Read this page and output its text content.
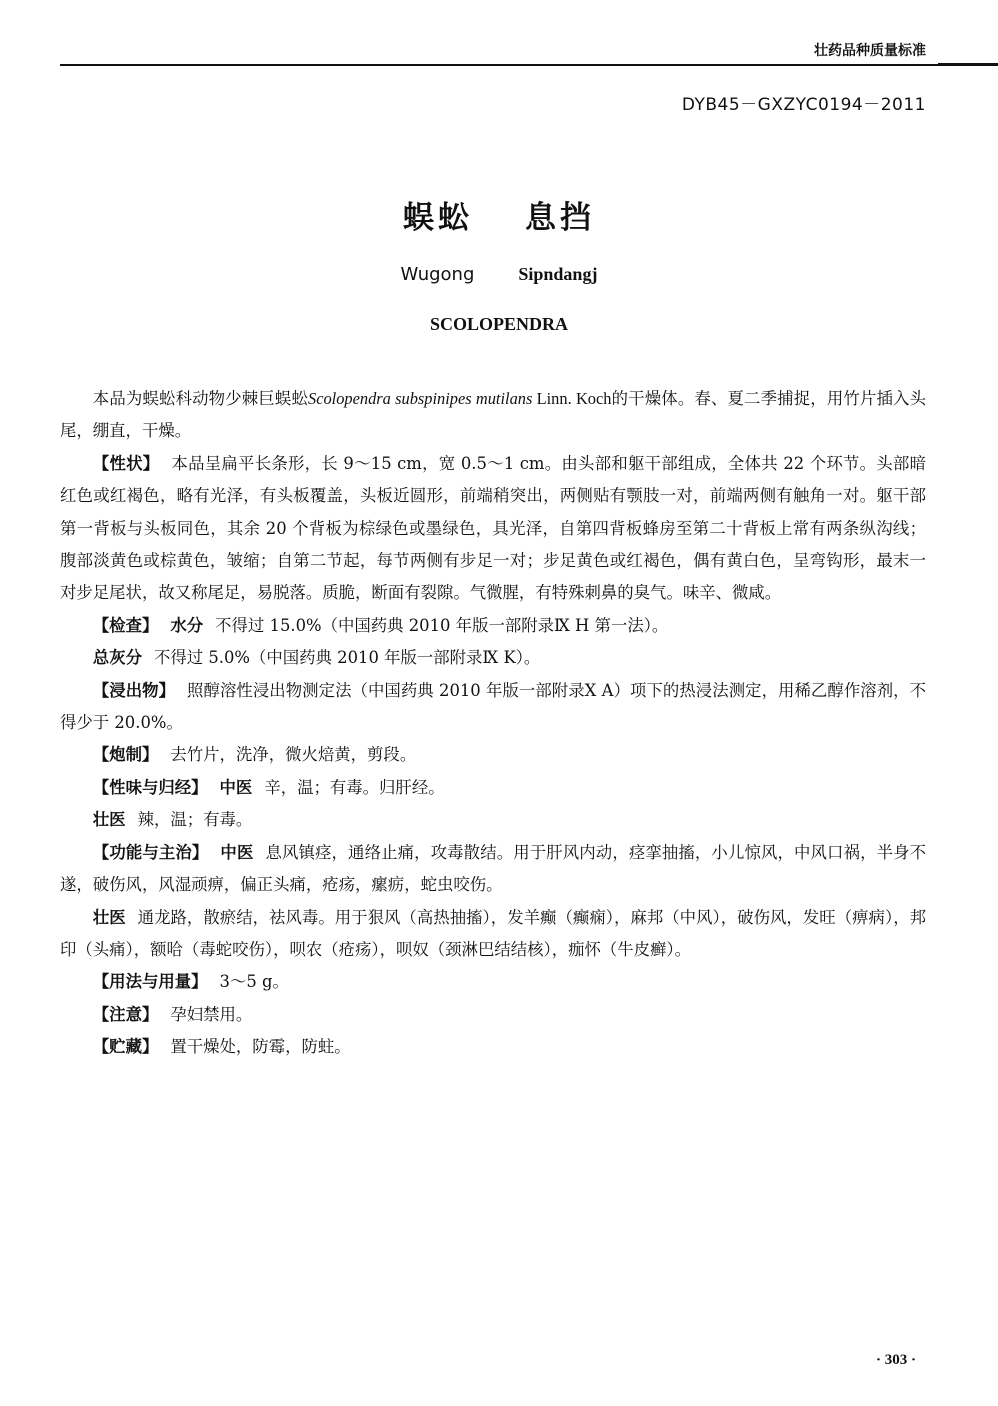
壮药品种质量标准
DYB45－GXZYC0194－2011
蜈蚣 息挡
Wugong Sipndangj
SCOLOPENDRA

本品为蜈蚣科动物少棘巨蜈蚣Scolopendra subspinipes mutilans Linn. Koch的干燥体。春、夏二季捕捉，用竹片插入头尾，绷直，干燥。

【性状】 本品呈扁平长条形，长 9～15 cm，宽 0.5～1 cm。由头部和躯干部组成，全体共 22 个环节。头部暗红色或红褐色，略有光泽，有头板覆盖，头板近圆形，前端稍突出，两侧贴有颚肢一对，前端两侧有触角一对。躯干部第一背板与头板同色，其余 20 个背板为棕绿色或墨绿色，具光泽，自第四背板蜂房至第二十背板上常有两条纵沟线；腹部淡黄色或棕黄色，皱缩；自第二节起，每节两侧有步足一对；步足黄色或红褐色，偶有黄白色，呈弯钩形，最末一对步足尾状，故又称尾足，易脱落。质脆，断面有裂隙。气微腥，有特殊刺鼻的臭气。味辛、微咸。

【检查】 水分 不得过 15.0%（中国药典 2010 年版一部附录Ⅸ H 第一法）。

总灰分 不得过 5.0%（中国药典 2010 年版一部附录Ⅸ K）。

【浸出物】 照醇溶性浸出物测定法（中国药典 2010 年版一部附录Ⅹ A）项下的热浸法测定，用稀乙醇作溶剂，不得少于 20.0%。

【炮制】 去竹片，洗净，微火焙黄，剪段。

【性味与归经】 中医 辛，温；有毒。归肝经。

壮医 辣，温；有毒。

【功能与主治】 中医 息风镇痉，通络止痛，攻毒散结。用于肝风内动，痉挛抽搐，小儿惊风，中风口祸，半身不遂，破伤风，风湿顽痹，偏正头痛，疮疡，瘰疬，蛇虫咬伤。

壮医 通龙路，散瘀结，祛风毒。用于狠风（高热抽搐），发羊癫（癫痫），麻邦（中风），破伤风，发旺（痹病），邦印（头痛），额哈（毒蛇咬伤），呗农（疮疡），呗奴（颈淋巴结结核），痂怀（牛皮癣）。

【用法与用量】 3～5 g。

【注意】 孕妇禁用。

【贮藏】 置干燥处，防霉，防蛀。

· 303 ·
